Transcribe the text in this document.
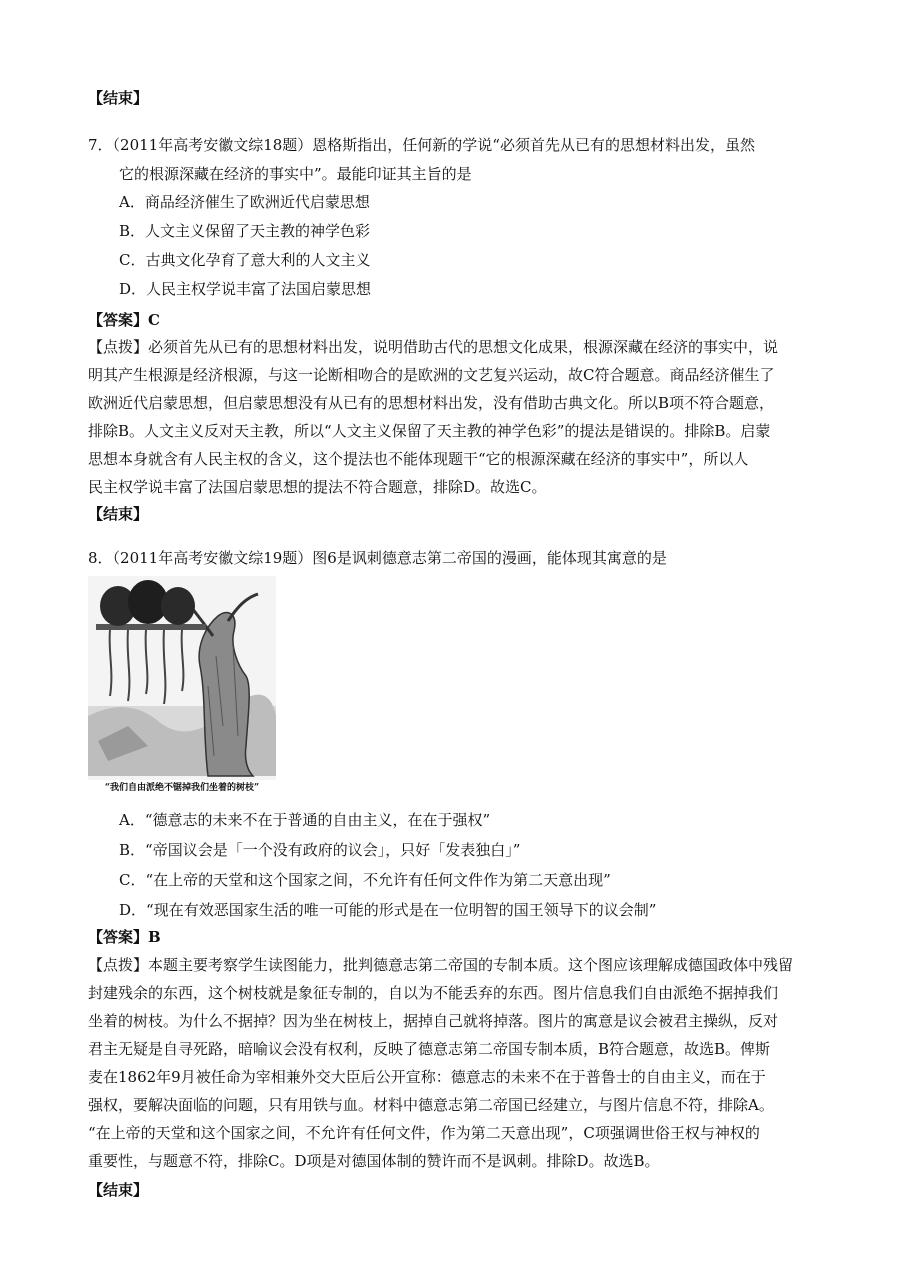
【结束】
7．（2011年高考安徽文综18题）恩格斯指出，任何新的学说“必须首先从已有的思想材料出发，虽然
它的根源深藏在经济的事实中”。最能印证其主旨的是
A．商品经济催生了欧洲近代启蒙思想
B．人文主义保留了天主教的神学色彩
C．古典文化孕育了意大利的人文主义
D．人民主权学说丰富了法国启蒙思想
【答案】C
【点拨】必须首先从已有的思想材料出发，说明借助古代的思想文化成果，根源深藏在经济的事实中，说
明其产生根源是经济根源，与这一论断相吻合的是欧洲的文艺复兴运动，故C符合题意。商品经济催生了
欧洲近代启蒙思想，但启蒙思想没有从已有的思想材料出发，没有借助古典文化。所以B项不符合题意，
排除B。人文主义反对天主教，所以“人文主义保留了天主教的神学色彩”的提法是错误的。排除B。启蒙
思想本身就含有人民主权的含义，这个提法也不能体现题干“它的根源深藏在经济的事实中”，所以人
民主权学说丰富了法国启蒙思想的提法不符合题意，排除D。故选C。
【结束】
8．（2011年高考安徽文综19题）图6是讽刺德意志第二帝国的漫画，能体现其寓意的是
“我们自由派绝不锯掉我们坐着的树枝”
A．“德意志的未来不在于普通的自由主义，在在于强权”
B．“帝国议会是「一个没有政府的议会」，只好「发表独白」”
C．“在上帝的天堂和这个国家之间，不允许有任何文件作为第二天意出现”
D．“现在有效恶国家生活的唯一可能的形式是在一位明智的国王领导下的议会制”
【答案】B
【点拨】本题主要考察学生读图能力，批判德意志第二帝国的专制本质。这个图应该理解成德国政体中残留
封建残余的东西，这个树枝就是象征专制的，自以为不能丢弃的东西。图片信息我们自由派绝不据掉我们
坐着的树枝。为什么不据掉？因为坐在树枝上，据掉自己就将掉落。图片的寓意是议会被君主操纵，反对
君主无疑是自寻死路，暗喻议会没有权利，反映了德意志第二帝国专制本质，B符合题意，故选B。俾斯
麦在1862年9月被任命为宰相兼外交大臣后公开宣称：德意志的未来不在于普鲁士的自由主义，而在于
强权，要解决面临的问题，只有用铁与血。材料中德意志第二帝国已经建立，与图片信息不符，排除A。
“在上帝的天堂和这个国家之间，不允许有任何文件，作为第二天意出现”，C项强调世俗王权与神权的
重要性，与题意不符，排除C。D项是对德国体制的赞许而不是讽刺。排除D。故选B。
【结束】
